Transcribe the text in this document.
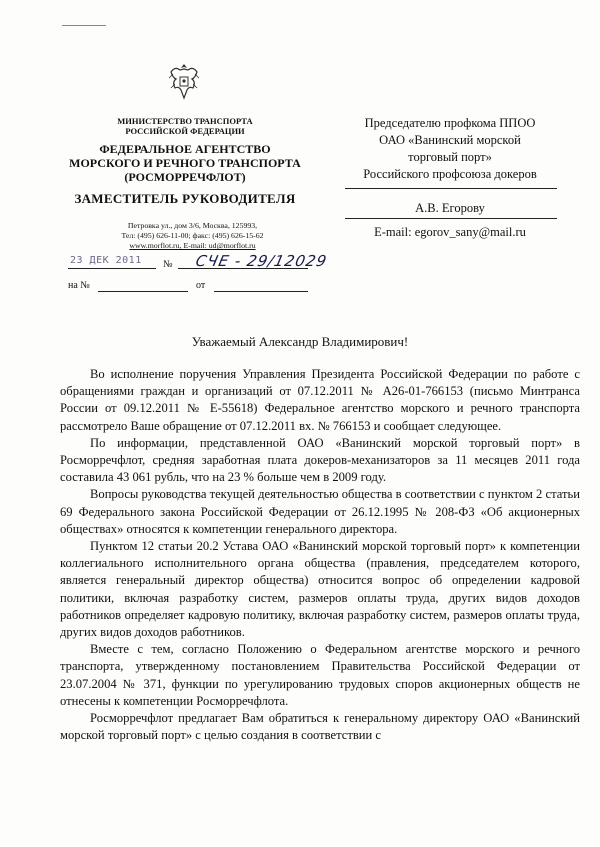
МИНИСТЕРСТВО ТРАНСПОРТА
РОССИЙСКОЙ ФЕДЕРАЦИИ
ФЕДЕРАЛЬНОЕ АГЕНТСТВО
МОРСКОГО И РЕЧНОГО ТРАНСПОРТА
(РОСМОРРЕЧФЛОТ)
ЗАМЕСТИТЕЛЬ РУКОВОДИТЕЛЯ
Петровка ул., дом 3/6, Москва, 125993,
Тел: (495) 626-11-00; факс: (495) 626-15-62
www.morflot.ru, E-mail: ud@morflot.ru
23 ДЕК 2011 № СЧЕ - 29/12029
на №	от
Председателю профкома ППОО
ОАО «Ванинский морской
торговый порт»
Российского профсоюза докеров
А.В. Егорову
E-mail: egorov_sany@mail.ru
Уважаемый Александр Владимирович!

Во исполнение поручения Управления Президента Российской Федерации по работе с обращениями граждан и организаций от 07.12.2011 № А26-01-766153 (письмо Минтранса России от 09.12.2011 № Е-55618) Федеральное агентство морского и речного транспорта рассмотрело Ваше обращение от 07.12.2011 вх. № 766153 и сообщает следующее.

По информации, представленной ОАО «Ванинский морской торговый порт» в Росморречфлот, средняя заработная плата докеров-механизаторов за 11 месяцев 2011 года составила 43 061 рубль, что на 23 % больше чем в 2009 году.

Вопросы руководства текущей деятельностью общества в соответствии с пунктом 2 статьи 69 Федерального закона Российской Федерации от 26.12.1995 № 208-ФЗ «Об акционерных обществах» относятся к компетенции генерального директора.

Пунктом 12 статьи 20.2 Устава ОАО «Ванинский морской торговый порт» к компетенции коллегиального исполнительного органа общества (правления, председателем которого, является генеральный директор общества) относится вопрос об определении кадровой политики, включая разработку систем, размеров оплаты труда, других видов доходов работников определяет кадровую политику, включая разработку систем, размеров оплаты труда, других видов доходов работников.

Вместе с тем, согласно Положению о Федеральном агентстве морского и речного транспорта, утвержденному постановлением Правительства Российской Федерации от 23.07.2004 № 371, функции по урегулированию трудовых споров акционерных обществ не отнесены к компетенции Росморречфлота.

Росморречфлот предлагает Вам обратиться к генеральному директору ОАО «Ванинский морской торговый порт» с целью создания в соответствии с
